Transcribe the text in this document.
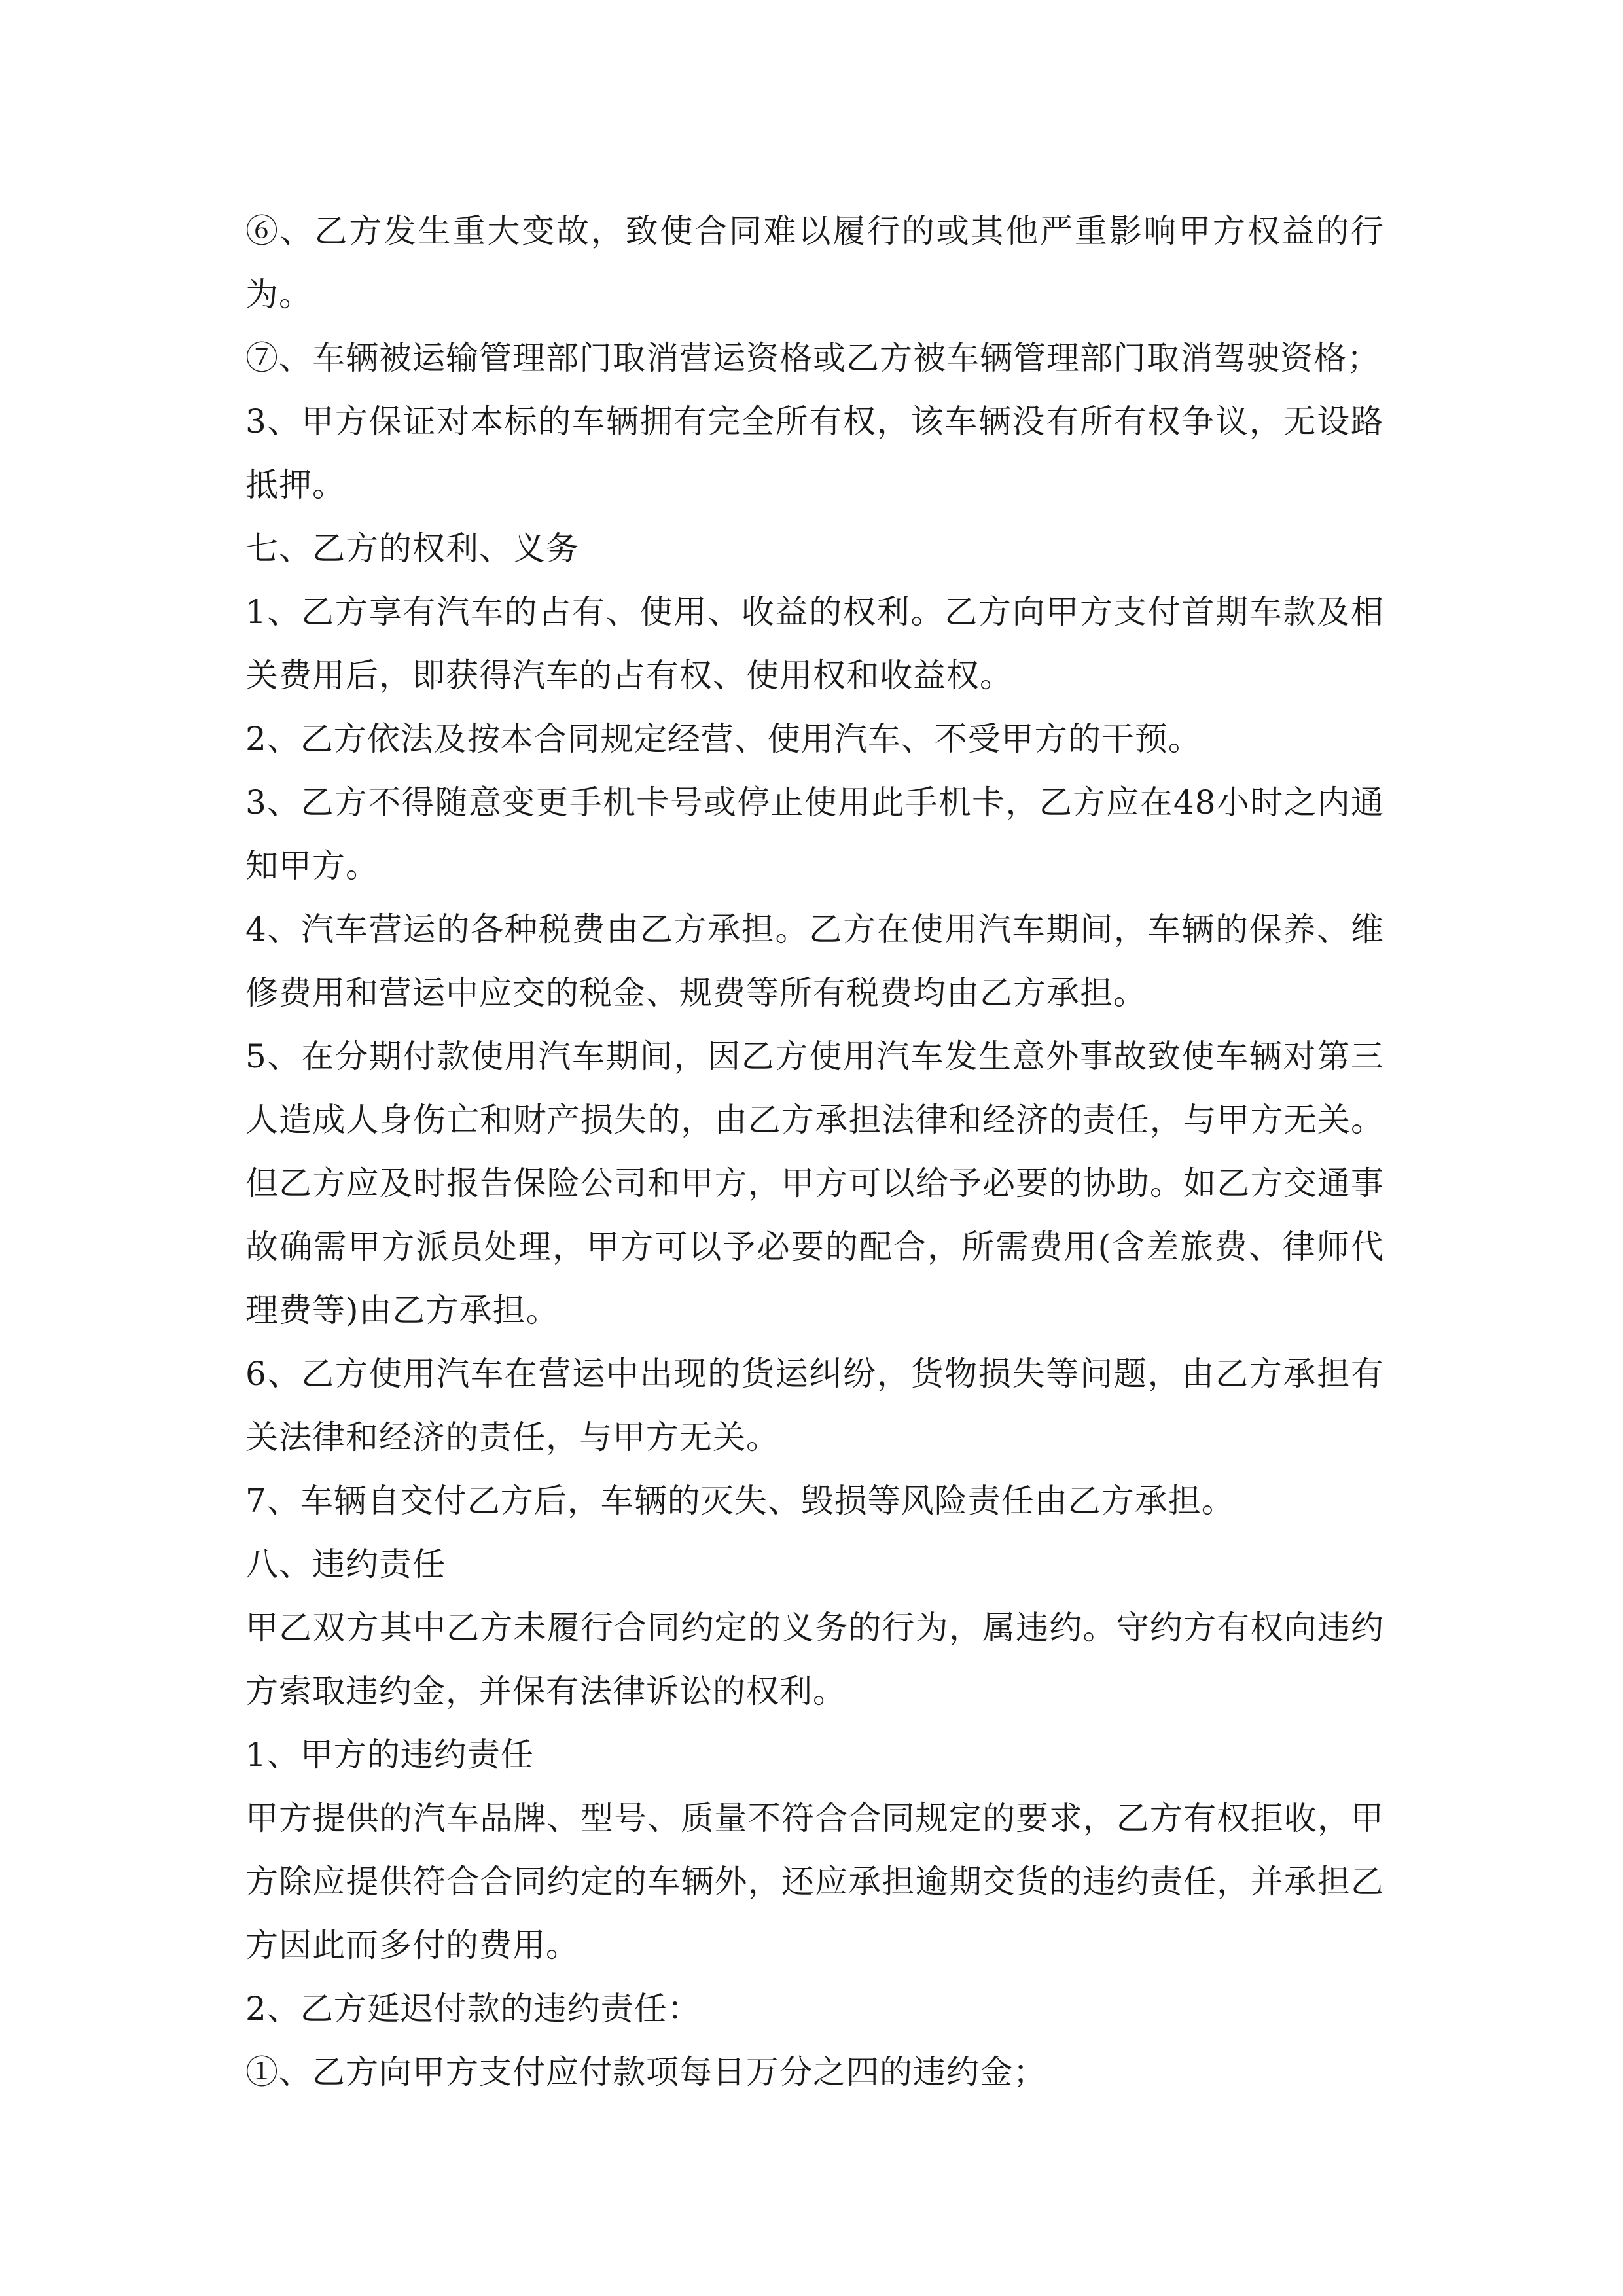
⑥、乙方发生重大变故，致使合同难以履行的或其他严重影响甲方权益的行为。

⑦、车辆被运输管理部门取消营运资格或乙方被车辆管理部门取消驾驶资格；

3、甲方保证对本标的车辆拥有完全所有权，该车辆没有所有权争议，无设路抵押。

七、乙方的权利、义务

1、乙方享有汽车的占有、使用、收益的权利。乙方向甲方支付首期车款及相关费用后，即获得汽车的占有权、使用权和收益权。

2、乙方依法及按本合同规定经营、使用汽车、不受甲方的干预。

3、乙方不得随意变更手机卡号或停止使用此手机卡，乙方应在48小时之内通知甲方。

4、汽车营运的各种税费由乙方承担。乙方在使用汽车期间，车辆的保养、维修费用和营运中应交的税金、规费等所有税费均由乙方承担。

5、在分期付款使用汽车期间，因乙方使用汽车发生意外事故致使车辆对第三人造成人身伤亡和财产损失的，由乙方承担法律和经济的责任，与甲方无关。但乙方应及时报告保险公司和甲方，甲方可以给予必要的协助。如乙方交通事故确需甲方派员处理，甲方可以予必要的配合，所需费用(含差旅费、律师代理费等)由乙方承担。

6、乙方使用汽车在营运中出现的货运纠纷，货物损失等问题，由乙方承担有关法律和经济的责任，与甲方无关。

7、车辆自交付乙方后，车辆的灭失、毁损等风险责任由乙方承担。

八、违约责任

甲乙双方其中乙方未履行合同约定的义务的行为，属违约。守约方有权向违约方索取违约金，并保有法律诉讼的权利。

1、甲方的违约责任

甲方提供的汽车品牌、型号、质量不符合合同规定的要求，乙方有权拒收，甲方除应提供符合合同约定的车辆外，还应承担逾期交货的违约责任，并承担乙方因此而多付的费用。

2、乙方延迟付款的违约责任：

①、乙方向甲方支付应付款项每日万分之四的违约金；
